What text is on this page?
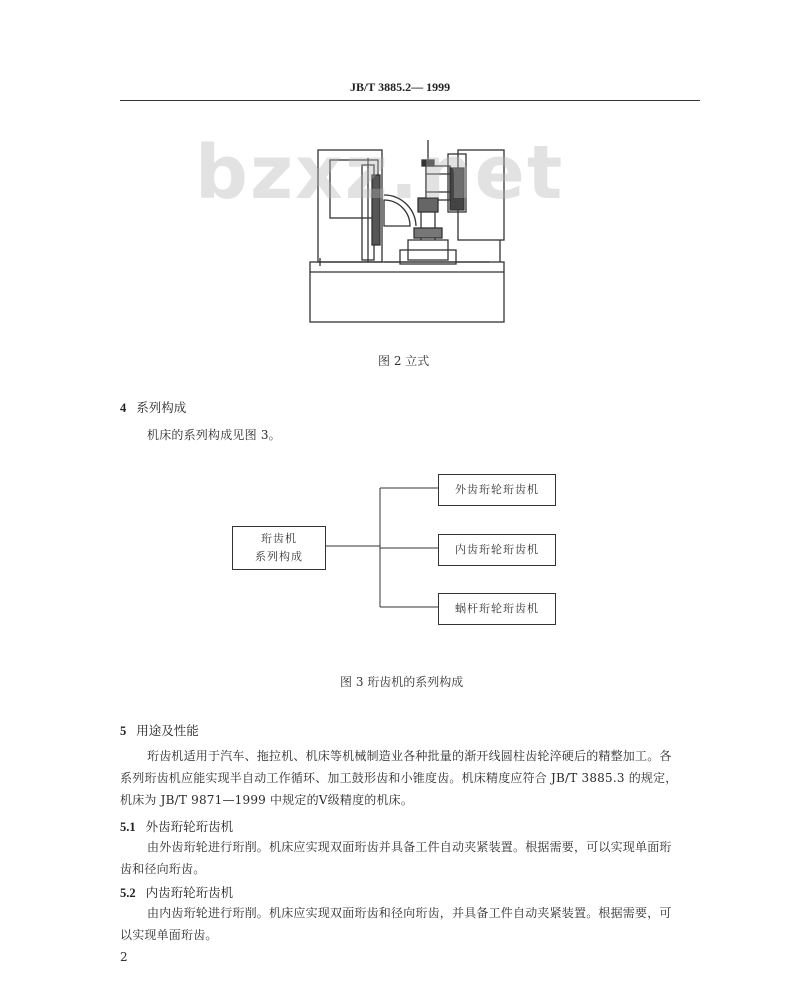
JB/T 3885.2— 1999
bzxz.net
图 2 立式
4 系列构成
机床的系列构成见图 3。
珩齿机
系列构成
外齿珩轮珩齿机
内齿珩轮珩齿机
蜗杆珩轮珩齿机
图 3 珩齿机的系列构成
5 用途及性能
珩齿机适用于汽车、拖拉机、机床等机械制造业各种批量的渐开线圆柱齿轮淬硬后的精整加工。各
系列珩齿机应能实现半自动工作循环、加工鼓形齿和小锥度齿。机床精度应符合 JB/T 3885.3 的规定，
机床为 JB/T 9871—1999 中规定的Ⅴ级精度的机床。
5.1 外齿珩轮珩齿机
由外齿珩轮进行珩削。机床应实现双面珩齿并具备工件自动夹紧装置。根据需要，可以实现单面珩
齿和径向珩齿。
5.2 内齿珩轮珩齿机
由内齿珩轮进行珩削。机床应实现双面珩齿和径向珩齿，并具备工件自动夹紧装置。根据需要，可
以实现单面珩齿。
2
